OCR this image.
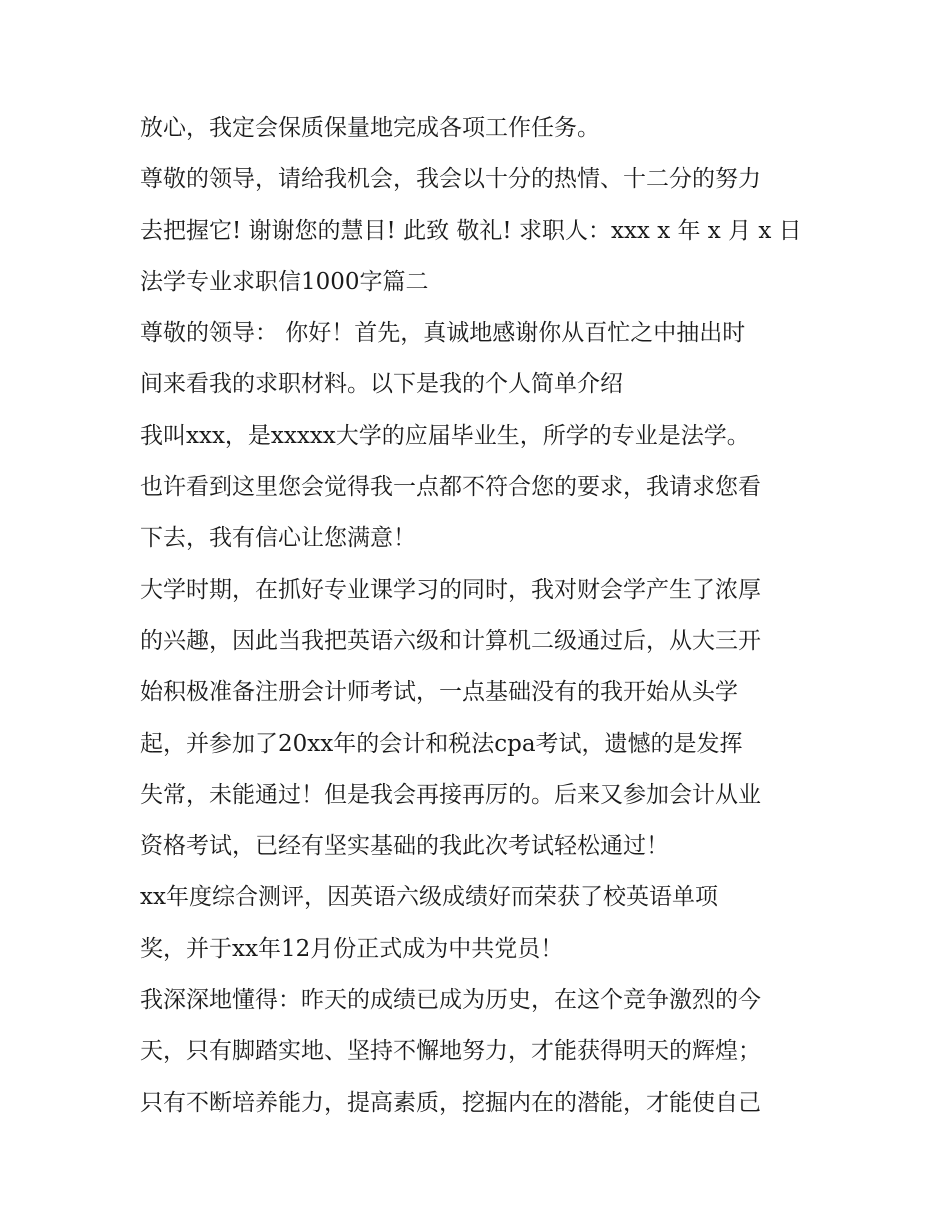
放心，我定会保质保量地完成各项工作任务。
尊敬的领导，请给我机会，我会以十分的热情、十二分的努力
去把握它! 谢谢您的慧目! 此致 敬礼! 求职人：xxx x 年 x 月 x 日
法学专业求职信1000字篇二
尊敬的领导： 你好！首先，真诚地感谢你从百忙之中抽出时
间来看我的求职材料。以下是我的个人简单介绍
我叫xxx，是xxxxx大学的应届毕业生，所学的专业是法学。
也许看到这里您会觉得我一点都不符合您的要求，我请求您看
下去，我有信心让您满意！
大学时期，在抓好专业课学习的同时，我对财会学产生了浓厚
的兴趣，因此当我把英语六级和计算机二级通过后，从大三开
始积极准备注册会计师考试，一点基础没有的我开始从头学
起，并参加了20xx年的会计和税法cpa考试，遗憾的是发挥
失常，未能通过！但是我会再接再厉的。后来又参加会计从业
资格考试，已经有坚实基础的我此次考试轻松通过！
xx年度综合测评，因英语六级成绩好而荣获了校英语单项
奖，并于xx年12月份正式成为中共党员！
我深深地懂得：昨天的成绩已成为历史，在这个竞争激烈的今
天，只有脚踏实地、坚持不懈地努力，才能获得明天的辉煌；
只有不断培养能力，提高素质，挖掘内在的潜能，才能使自己
